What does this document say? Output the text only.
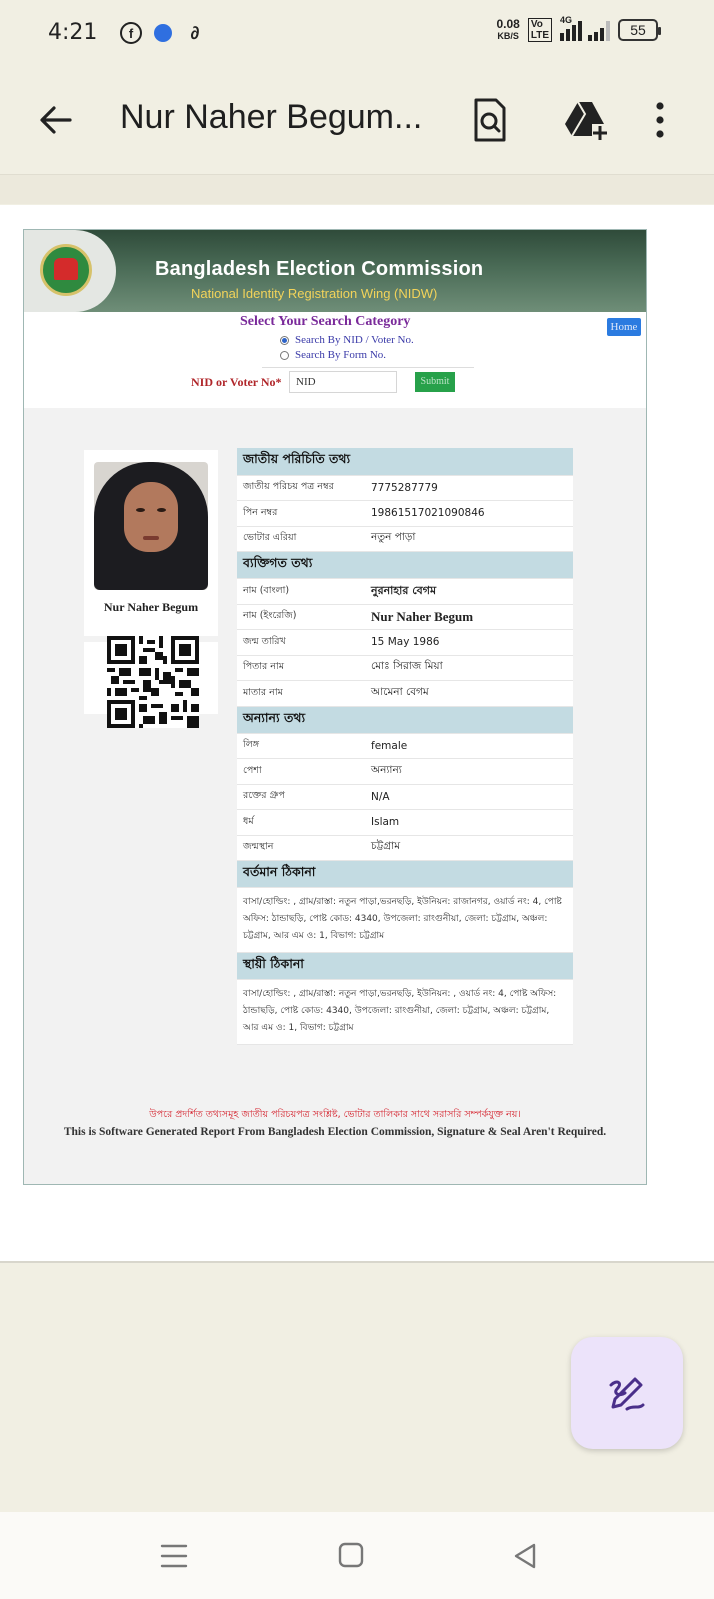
4:21	f	∂	0.08
KB/S
Vo
LTE
4G
55
Nur Naher Begum...
Bangladesh Election Commission
National Identity Registration Wing (NIDW)
Select Your Search Category	Home
Search By NID / Voter No.
Search By Form No.
NID or Voter No*	NID	Submit
Nur Naher Begum
জাতীয় পরিচিতি তথ্য	
জাতীয় পরিচয় পত্র নম্বর	7775287779
পিন নম্বর	19861517021090846
ভোটার এরিয়া	নতুন পাড়া
ব্যক্তিগত তথ্য	
নাম (বাংলা)	নুরনাহার বেগম
নাম (ইংরেজি)	Nur Naher Begum
জন্ম তারিখ	15 May 1986
পিতার নাম	মোঃ সিরাজ মিয়া
মাতার নাম	আমেনা বেগম
অন্যান্য তথ্য	
লিঙ্গ	female
পেশা	অন্যান্য
রক্তের গ্রুপ	N/A
ধর্ম	Islam
জন্মস্থান	চট্টগ্রাম
বর্তমান ঠিকানা	
বাসা/হোল্ডিং: , গ্রাম/রাস্তা: নতুন পাড়া,ভরনছড়ি, ইউনিয়ন: রাজানগর, ওয়ার্ড নং: 4, পোষ্ট অফিস: ঠান্ডাছড়ি, পোষ্ট কোড: 4340, উপজেলা: রাংগুনীয়া, জেলা: চট্টগ্রাম, অঞ্চল: চট্টগ্রাম, আর এম ও: 1, বিভাগ: চট্টগ্রাম	
স্থায়ী ঠিকানা	
বাসা/হোল্ডিং: , গ্রাম/রাস্তা: নতুন পাড়া,ভরনছড়ি, ইউনিয়ন: , ওয়ার্ড নং: 4, পোষ্ট অফিস: ঠান্ডাছড়ি, পোষ্ট কোড: 4340, উপজেলা: রাংগুনীয়া, জেলা: চট্টগ্রাম, অঞ্চল: চট্টগ্রাম, আর এম ও: 1, বিভাগ: চট্টগ্রাম	
উপরে প্রদর্শিত তথ্যসমূহ জাতীয় পরিচয়পত্র সংশ্লিষ্ট, ভোটার তালিকার সাথে সরাসরি সম্পর্কযুক্ত নয়।
This is Software Generated Report From Bangladesh Election Commission, Signature & Seal Aren't Required.
